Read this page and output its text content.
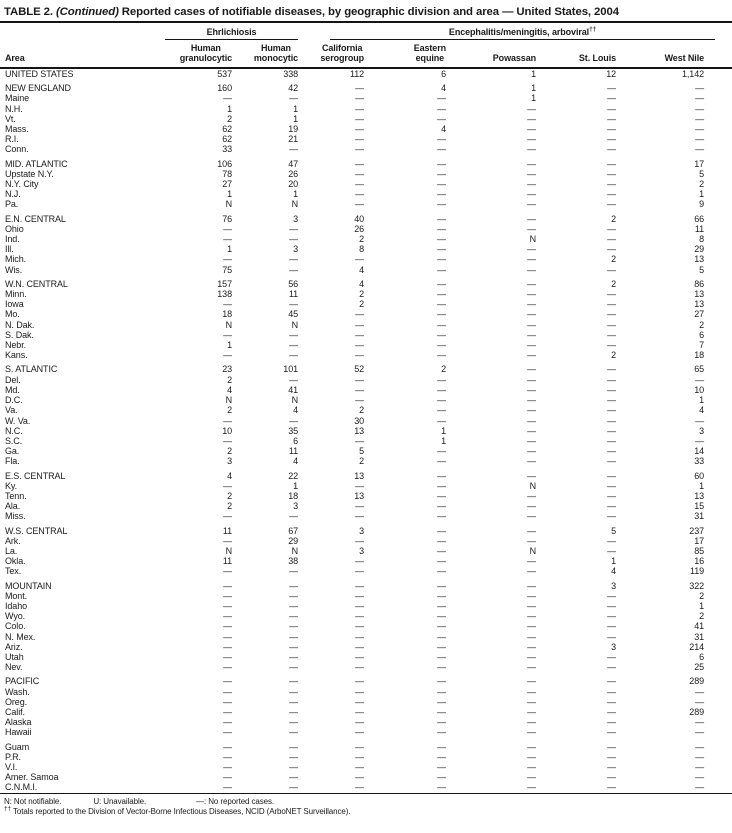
TABLE 2. (Continued) Reported cases of notifiable diseases, by geographic division and area — United States, 2004

	Ehrlichiosis		Encephalitis/meningitis, arboviral††

Area

Human
granulocytic

Human
monocytic

California
serogroup

Eastern
equine	Powassan	St. Louis	West Nile

UNITED STATES	537	338	112	6	1	12	1,142
NEW ENGLAND	160	42	—	4	1	—	—
Maine	—	—	—	—	1	—	—
N.H.	1	1	—	—	—	—	—
Vt.	2	1	—	—	—	—	—
Mass.	62	19	—	4	—	—	—
R.I.	62	21	—	—	—	—	—
Conn.	33	—	—	—	—	—	—
MID. ATLANTIC	106	47	—	—	—	—	17
Upstate N.Y.	78	26	—	—	—	—	5
N.Y. City	27	20	—	—	—	—	2
N.J.	1	1	—	—	—	—	1
Pa.	N	N	—	—	—	—	9
E.N. CENTRAL	76	3	40	—	—	2	66
Ohio	—	—	26	—	—	—	11
Ind.	—	—	2	—	N	—	8
Ill.	1	3	8	—	—	—	29
Mich.	—	—	—	—	—	2	13
Wis.	75	—	4	—	—	—	5
W.N. CENTRAL	157	56	4	—	—	2	86
Minn.	138	11	2	—	—	—	13
Iowa	—	—	2	—	—	—	13
Mo.	18	45	—	—	—	—	27
N. Dak.	N	N	—	—	—	—	2
S. Dak.	—	—	—	—	—	—	6
Nebr.	1	—	—	—	—	—	7
Kans.	—	—	—	—	—	2	18
S. ATLANTIC	23	101	52	2	—	—	65
Del.	2	—	—	—	—	—	—
Md.	4	41	—	—	—	—	10
D.C.	N	N	—	—	—	—	1
Va.	2	4	2	—	—	—	4
W. Va.	—	—	30	—	—	—	—
N.C.	10	35	13	1	—	—	3
S.C.	—	6	—	1	—	—	—
Ga.	2	11	5	—	—	—	14
Fla.	3	4	2	—	—	—	33
E.S. CENTRAL	4	22	13	—	—	—	60
Ky.	—	1	—	—	N	—	1
Tenn.	2	18	13	—	—	—	13
Ala.	2	3	—	—	—	—	15
Miss.	—	—	—	—	—	—	31
W.S. CENTRAL	11	67	3	—	—	5	237
Ark.	—	29	—	—	—	—	17
La.	N	N	3	—	N	—	85
Okla.	11	38	—	—	—	1	16
Tex.	—	—	—	—	—	4	119
MOUNTAIN	—	—	—	—	—	3	322
Mont.	—	—	—	—	—	—	2
Idaho	—	—	—	—	—	—	1
Wyo.	—	—	—	—	—	—	2
Colo.	—	—	—	—	—	—	41
N. Mex.	—	—	—	—	—	—	31
Ariz.	—	—	—	—	—	3	214
Utah	—	—	—	—	—	—	6
Nev.	—	—	—	—	—	—	25
PACIFIC	—	—	—	—	—	—	289
Wash.	—	—	—	—	—	—	—
Oreg.	—	—	—	—	—	—	—
Calif.	—	—	—	—	—	—	289
Alaska	—	—	—	—	—	—	—
Hawaii	—	—	—	—	—	—	—
Guam	—	—	—	—	—	—	—
P.R.	—	—	—	—	—	—	—
V.I.	—	—	—	—	—	—	—
Amer. Samoa	—	—	—	—	—	—	—
C.N.M.I.	—	—	—	—	—	—	—
N: Not notifiable.	U: Unavailable.	—: No reported cases.
†† Totals reported to the Division of Vector-Borne Infectious Diseases, NCID (ArboNET Surveillance).
